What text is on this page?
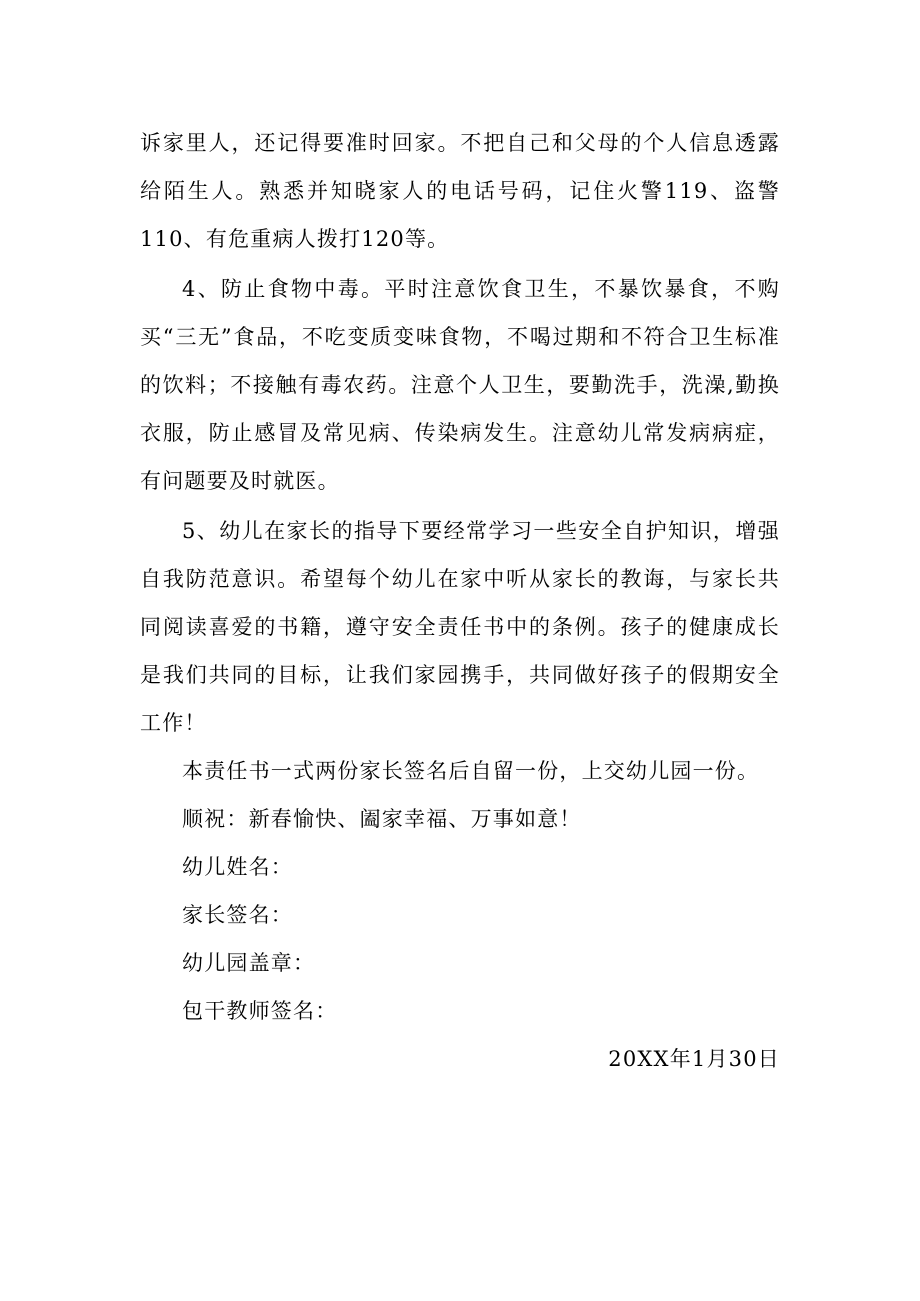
诉家里人，还记得要准时回家。不把自己和父母的个人信息透露给陌生人。熟悉并知晓家人的电话号码，记住火警119、盗警110、有危重病人拨打120等。

4、防止食物中毒。平时注意饮食卫生，不暴饮暴食，不购买“三无”食品，不吃变质变味食物，不喝过期和不符合卫生标准的饮料；不接触有毒农药。注意个人卫生，要勤洗手，洗澡,勤换衣服，防止感冒及常见病、传染病发生。注意幼儿常发病病症，有问题要及时就医。

5、幼儿在家长的指导下要经常学习一些安全自护知识，增强自我防范意识。希望每个幼儿在家中听从家长的教诲，与家长共同阅读喜爱的书籍，遵守安全责任书中的条例。孩子的健康成长是我们共同的目标，让我们家园携手，共同做好孩子的假期安全工作！

本责任书一式两份家长签名后自留一份，上交幼儿园一份。

顺祝：新春愉快、阖家幸福、万事如意！

幼儿姓名：

家长签名：

幼儿园盖章：

包干教师签名：

20XX年1月30日
